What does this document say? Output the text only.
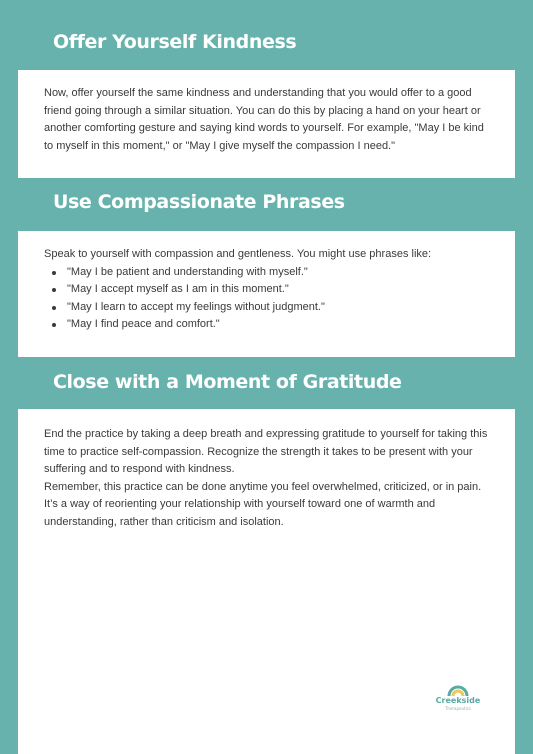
Offer Yourself Kindness

Now, offer yourself the same kindness and understanding that you would offer to a good friend going through a similar situation. You can do this by placing a hand on your heart or another comforting gesture and saying kind words to yourself. For example, "May I be kind to myself in this moment," or "May I give myself the compassion I need."

Use Compassionate Phrases

Speak to yourself with compassion and gentleness. You might use phrases like:

"May I be patient and understanding with myself."
"May I accept myself as I am in this moment."
"May I learn to accept my feelings without judgment."
"May I find peace and comfort."
Close with a Moment of Gratitude

End the practice by taking a deep breath and expressing gratitude to yourself for taking this time to practice self-compassion. Recognize the strength it takes to be present with your suffering and to respond with kindness.

Remember, this practice can be done anytime you feel overwhelmed, criticized, or in pain. It’s a way of reorienting your relationship with yourself toward one of warmth and understanding, rather than criticism and isolation.

Creekside
Therapeutics
